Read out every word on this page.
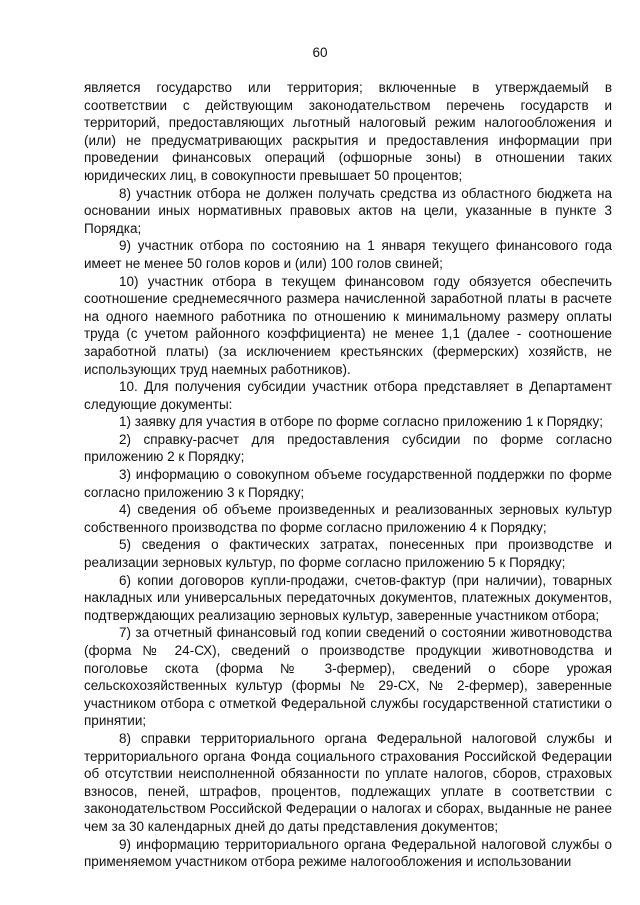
60

является государство или территория; включенные в утверждаемый в соответствии с действующим законодательством перечень государств и территорий, предоставляющих льготный налоговый режим налогообложения и (или) не предусматривающих раскрытия и предоставления информации при проведении финансовых операций (офшорные зоны) в отношении таких юридических лиц, в совокупности превышает 50 процентов;

8) участник отбора не должен получать средства из областного бюджета на основании иных нормативных правовых актов на цели, указанные в пункте 3 Порядка;

9) участник отбора по состоянию на 1 января текущего финансового года имеет не менее 50 голов коров и (или) 100 голов свиней;

10) участник отбора в текущем финансовом году обязуется обеспечить соотношение среднемесячного размера начисленной заработной платы в расчете на одного наемного работника по отношению к минимальному размеру оплаты труда (с учетом районного коэффициента) не менее 1,1 (далее - соотношение заработной платы) (за исключением крестьянских (фермерских) хозяйств, не использующих труд наемных работников).

10. Для получения субсидии участник отбора представляет в Департамент следующие документы:

1) заявку для участия в отборе по форме согласно приложению 1 к Порядку;

2) справку-расчет для предоставления субсидии по форме согласно приложению 2 к Порядку;

3) информацию о совокупном объеме государственной поддержки по форме согласно приложению 3 к Порядку;

4) сведения об объеме произведенных и реализованных зерновых культур собственного производства по форме согласно приложению 4 к Порядку;

5) сведения о фактических затратах, понесенных при производстве и реализации зерновых культур, по форме согласно приложению 5 к Порядку;

6) копии договоров купли-продажи, счетов-фактур (при наличии), товарных накладных или универсальных передаточных документов, платежных документов, подтверждающих реализацию зерновых культур, заверенные участником отбора;

7) за отчетный финансовый год копии сведений о состоянии животноводства (форма № 24-СХ), сведений о производстве продукции животноводства и поголовье скота (форма № 3-фермер), сведений о сборе урожая сельскохозяйственных культур (формы № 29-СХ, № 2-фермер), заверенные участником отбора с отметкой Федеральной службы государственной статистики о принятии;

8) справки территориального органа Федеральной налоговой службы и территориального органа Фонда социального страхования Российской Федерации об отсутствии неисполненной обязанности по уплате налогов, сборов, страховых взносов, пеней, штрафов, процентов, подлежащих уплате в соответствии с законодательством Российской Федерации о налогах и сборах, выданные не ранее чем за 30 календарных дней до даты представления документов;

9) информацию территориального органа Федеральной налоговой службы о применяемом участником отбора режиме налогообложения и использовании
